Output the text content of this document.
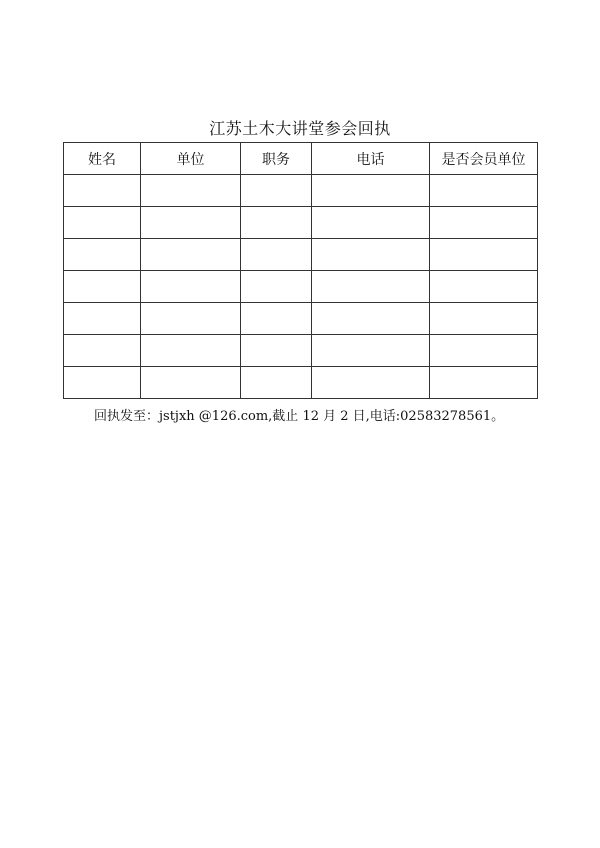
江苏土木大讲堂参会回执
姓名	单位	职务	电话	是否会员单位

回执发至：jstjxh @126.com,截止 12 月 2 日,电话:02583278561。
